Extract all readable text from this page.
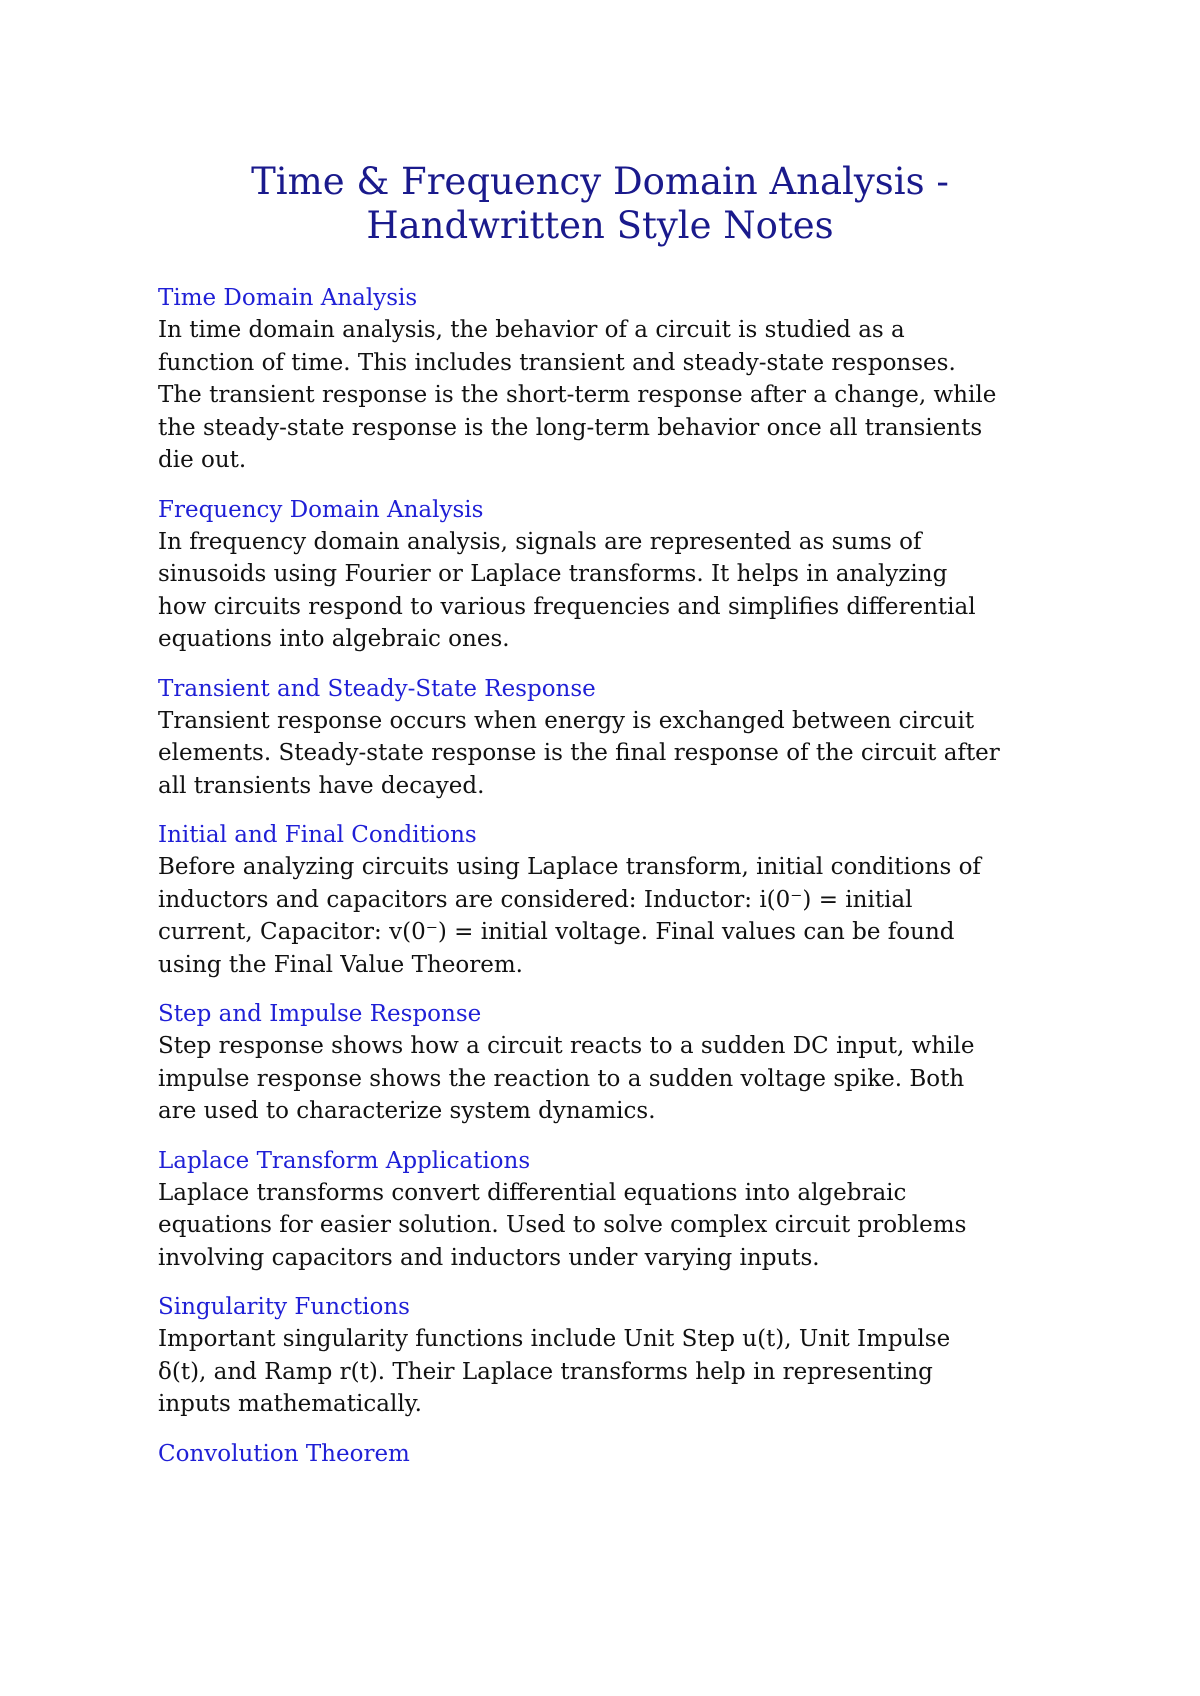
Time & Frequency Domain Analysis -
Handwritten Style Notes
Time Domain Analysis
In time domain analysis, the behavior of a circuit is studied as a
function of time. This includes transient and steady-state responses.
The transient response is the short-term response after a change, while
the steady-state response is the long-term behavior once all transients
die out.
Frequency Domain Analysis
In frequency domain analysis, signals are represented as sums of
sinusoids using Fourier or Laplace transforms. It helps in analyzing
how circuits respond to various frequencies and simplifies differential
equations into algebraic ones.
Transient and Steady-State Response
Transient response occurs when energy is exchanged between circuit
elements. Steady-state response is the final response of the circuit after
all transients have decayed.
Initial and Final Conditions
Before analyzing circuits using Laplace transform, initial conditions of
inductors and capacitors are considered: Inductor: i(0⁻) = initial
current, Capacitor: v(0⁻) = initial voltage. Final values can be found
using the Final Value Theorem.
Step and Impulse Response
Step response shows how a circuit reacts to a sudden DC input, while
impulse response shows the reaction to a sudden voltage spike. Both
are used to characterize system dynamics.
Laplace Transform Applications
Laplace transforms convert differential equations into algebraic
equations for easier solution. Used to solve complex circuit problems
involving capacitors and inductors under varying inputs.
Singularity Functions
Important singularity functions include Unit Step u(t), Unit Impulse
δ(t), and Ramp r(t). Their Laplace transforms help in representing
inputs mathematically.
Convolution Theorem
